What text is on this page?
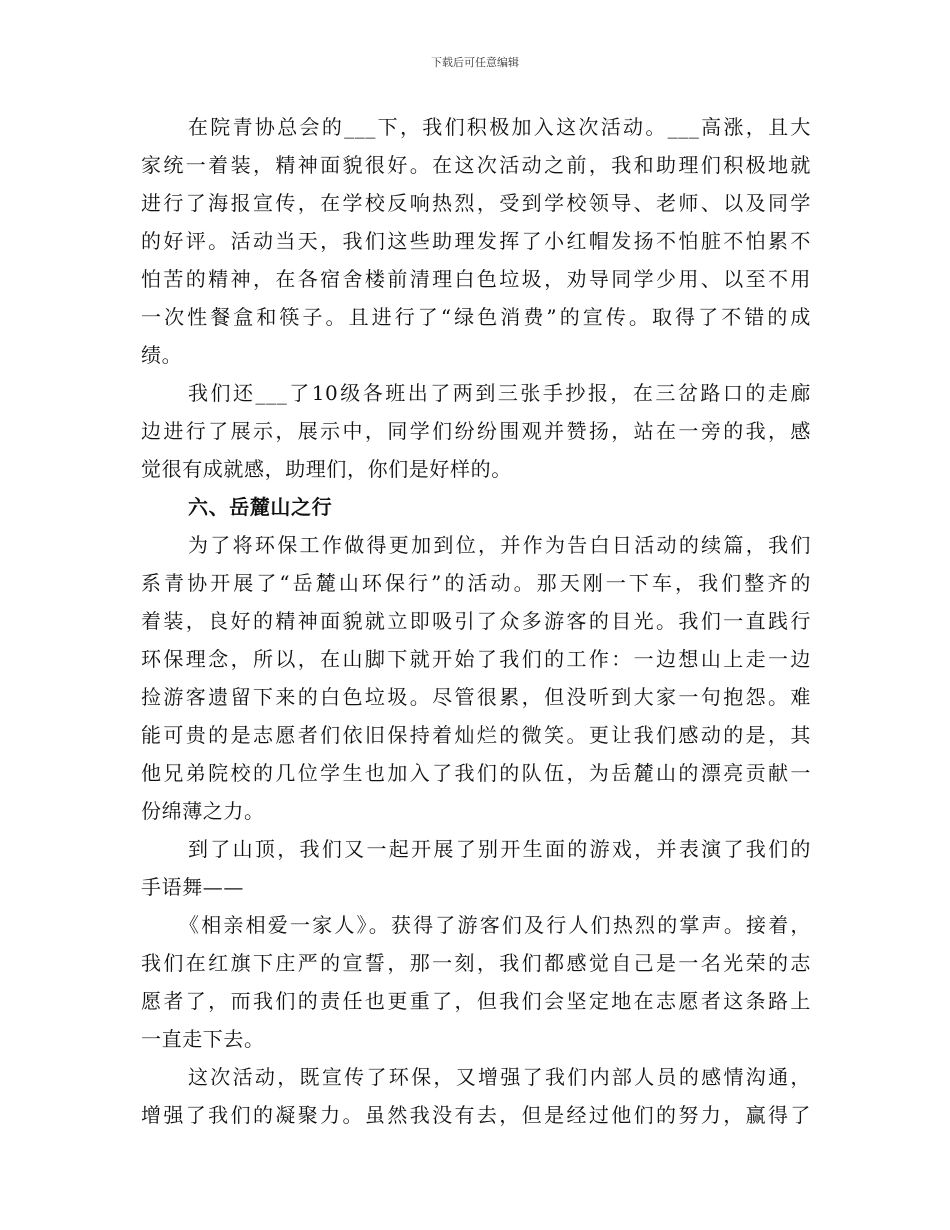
下载后可任意编辑
在院青协总会的___下，我们积极加入这次活动。___高涨，且大
家统一着装，精神面貌很好。在这次活动之前，我和助理们积极地就
进行了海报宣传，在学校反响热烈，受到学校领导、老师、以及同学
的好评。活动当天，我们这些助理发挥了小红帽发扬不怕脏不怕累不
怕苦的精神，在各宿舍楼前清理白色垃圾，劝导同学少用、以至不用
一次性餐盒和筷子。且进行了“绿色消费”的宣传。取得了不错的成
绩。
我们还___了10级各班出了两到三张手抄报，在三岔路口的走廊
边进行了展示，展示中，同学们纷纷围观并赞扬，站在一旁的我，感
觉很有成就感，助理们，你们是好样的。
六、岳麓山之行
为了将环保工作做得更加到位，并作为告白日活动的续篇，我们
系青协开展了“岳麓山环保行”的活动。那天刚一下车，我们整齐的
着装，良好的精神面貌就立即吸引了众多游客的目光。我们一直践行
环保理念，所以，在山脚下就开始了我们的工作：一边想山上走一边
捡游客遗留下来的白色垃圾。尽管很累，但没听到大家一句抱怨。难
能可贵的是志愿者们依旧保持着灿烂的微笑。更让我们感动的是，其
他兄弟院校的几位学生也加入了我们的队伍，为岳麓山的漂亮贡献一
份绵薄之力。
到了山顶，我们又一起开展了别开生面的游戏，并表演了我们的
手语舞——
《相亲相爱一家人》。获得了游客们及行人们热烈的掌声。接着，
我们在红旗下庄严的宣誓，那一刻，我们都感觉自己是一名光荣的志
愿者了，而我们的责任也更重了，但我们会坚定地在志愿者这条路上
一直走下去。
这次活动，既宣传了环保，又增强了我们内部人员的感情沟通，
增强了我们的凝聚力。虽然我没有去，但是经过他们的努力，赢得了
